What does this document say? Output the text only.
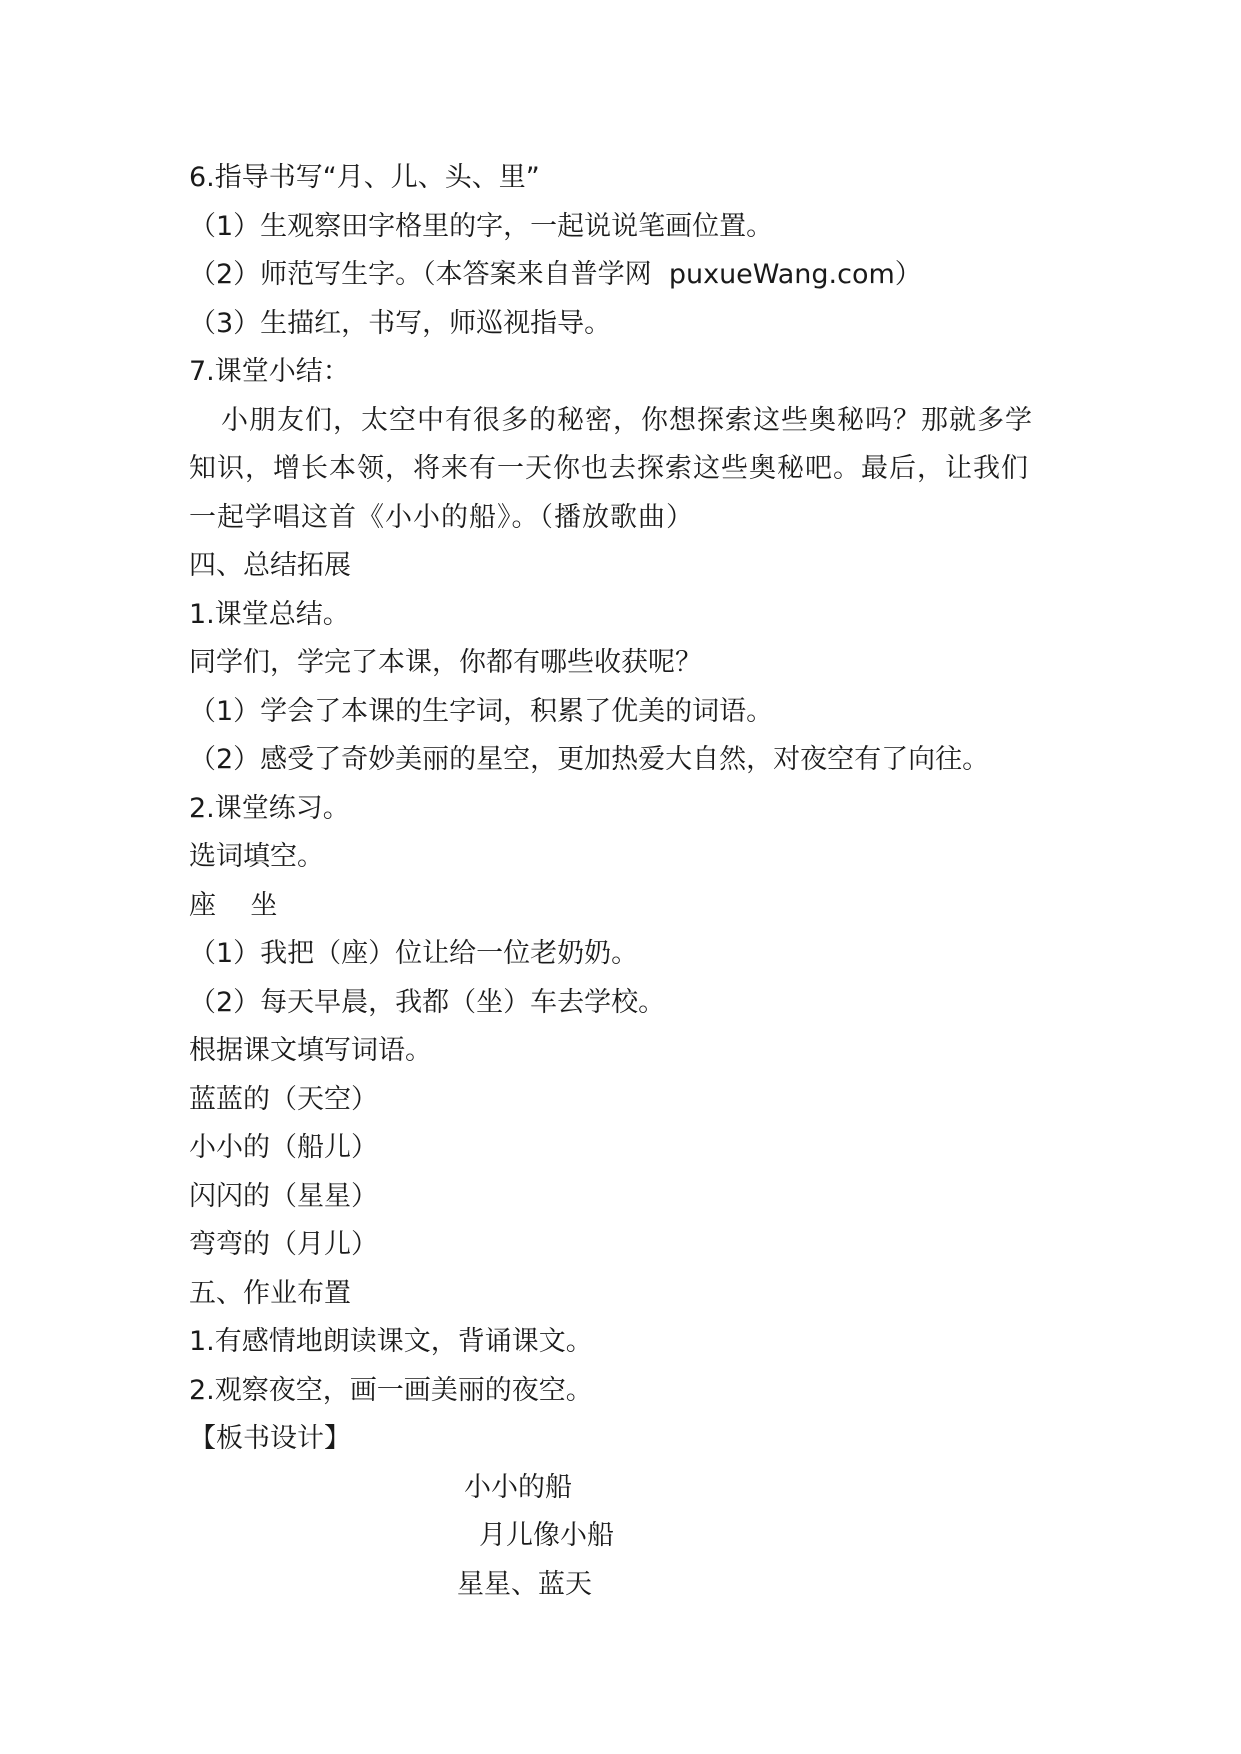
6.指导书写“月、儿、头、里”
（1）生观察田字格里的字，一起说说笔画位置。
（2）师范写生字。（本答案来自普学网  puxueWang.com）
（3）生描红，书写，师巡视指导。
7.课堂小结：
小朋友们，太空中有很多的秘密，你想探索这些奥秘吗？那就多学知识，增长本领，将来有一天你也去探索这些奥秘吧。最后，让我们一起学唱这首《小小的船》。（播放歌曲）
四、总结拓展
1.课堂总结。
同学们，学完了本课，你都有哪些收获呢？
（1）学会了本课的生字词，积累了优美的词语。
（2）感受了奇妙美丽的星空，更加热爱大自然，对夜空有了向往。
2.课堂练习。
选词填空。
座    坐
（1）我把（座）位让给一位老奶奶。
（2）每天早晨，我都（坐）车去学校。
根据课文填写词语。
蓝蓝的（天空）
小小的（船儿）
闪闪的（星星）
弯弯的（月儿）
五、作业布置
1.有感情地朗读课文，背诵课文。
2.观察夜空，画一画美丽的夜空。
【板书设计】
小小的船
月儿像小船
星星、蓝天
